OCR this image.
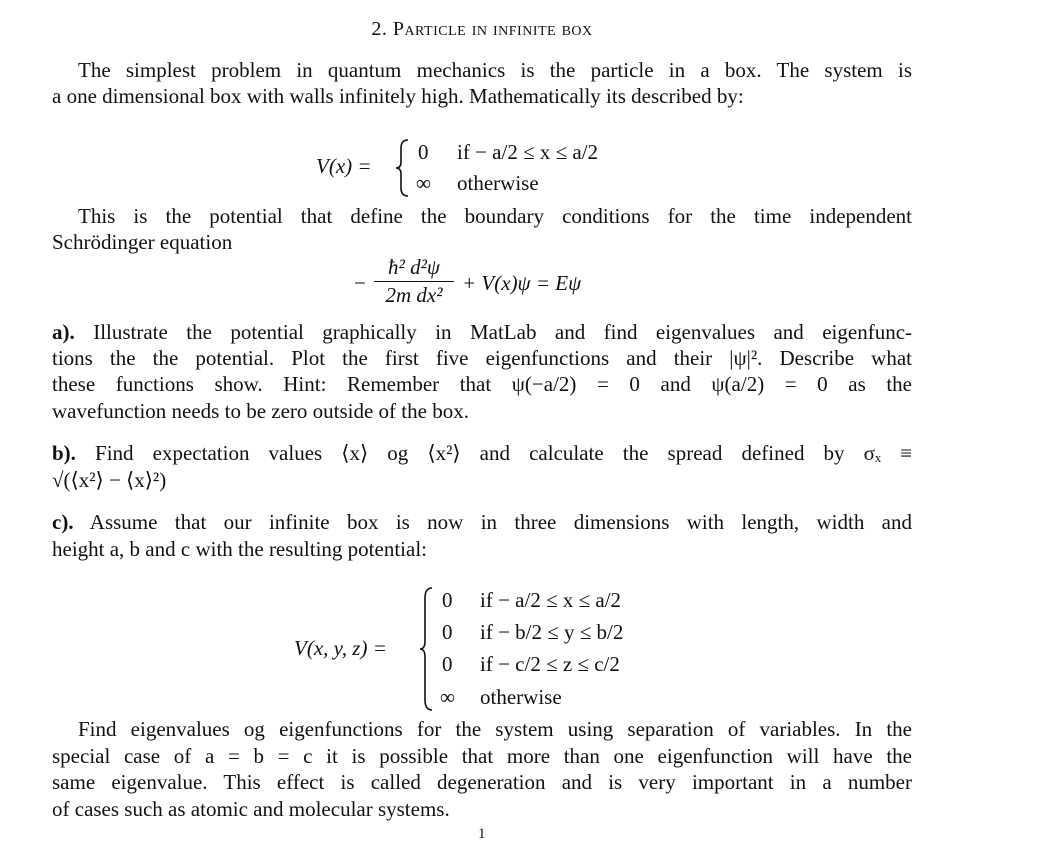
2. Particle in infinite box
The simplest problem in quantum mechanics is the particle in a box. The system is
a one dimensional box with walls infinitely high. Mathematically its described by:
V(x) =
0 if − a/2 ≤ x ≤ a/2
∞ otherwise
This is the potential that define the boundary conditions for the time independent
Schrödinger equation
−
ħ² d²ψ
2m dx² + V(x)ψ = Eψ
a). Illustrate the potential graphically in MatLab and find eigenvalues and eigenfunc-
tions the the potential. Plot the first five eigenfunctions and their |ψ|². Describe what
these functions show. Hint: Remember that ψ(−a/2) = 0 and ψ(a/2) = 0 as the
wavefunction needs to be zero outside of the box.
b). Find expectation values ⟨x⟩ og ⟨x²⟩ and calculate the spread defined by σₓ ≡
√(⟨x²⟩ − ⟨x⟩²)
c). Assume that our infinite box is now in three dimensions with length, width and
height a, b and c with the resulting potential:
V(x, y, z) =
0 if − a/2 ≤ x ≤ a/2
0 if − b/2 ≤ y ≤ b/2
0 if − c/2 ≤ z ≤ c/2
∞ otherwise
Find eigenvalues og eigenfunctions for the system using separation of variables. In the
special case of a = b = c it is possible that more than one eigenfunction will have the
same eigenvalue. This effect is called degeneration and is very important in a number
of cases such as atomic and molecular systems.
1
